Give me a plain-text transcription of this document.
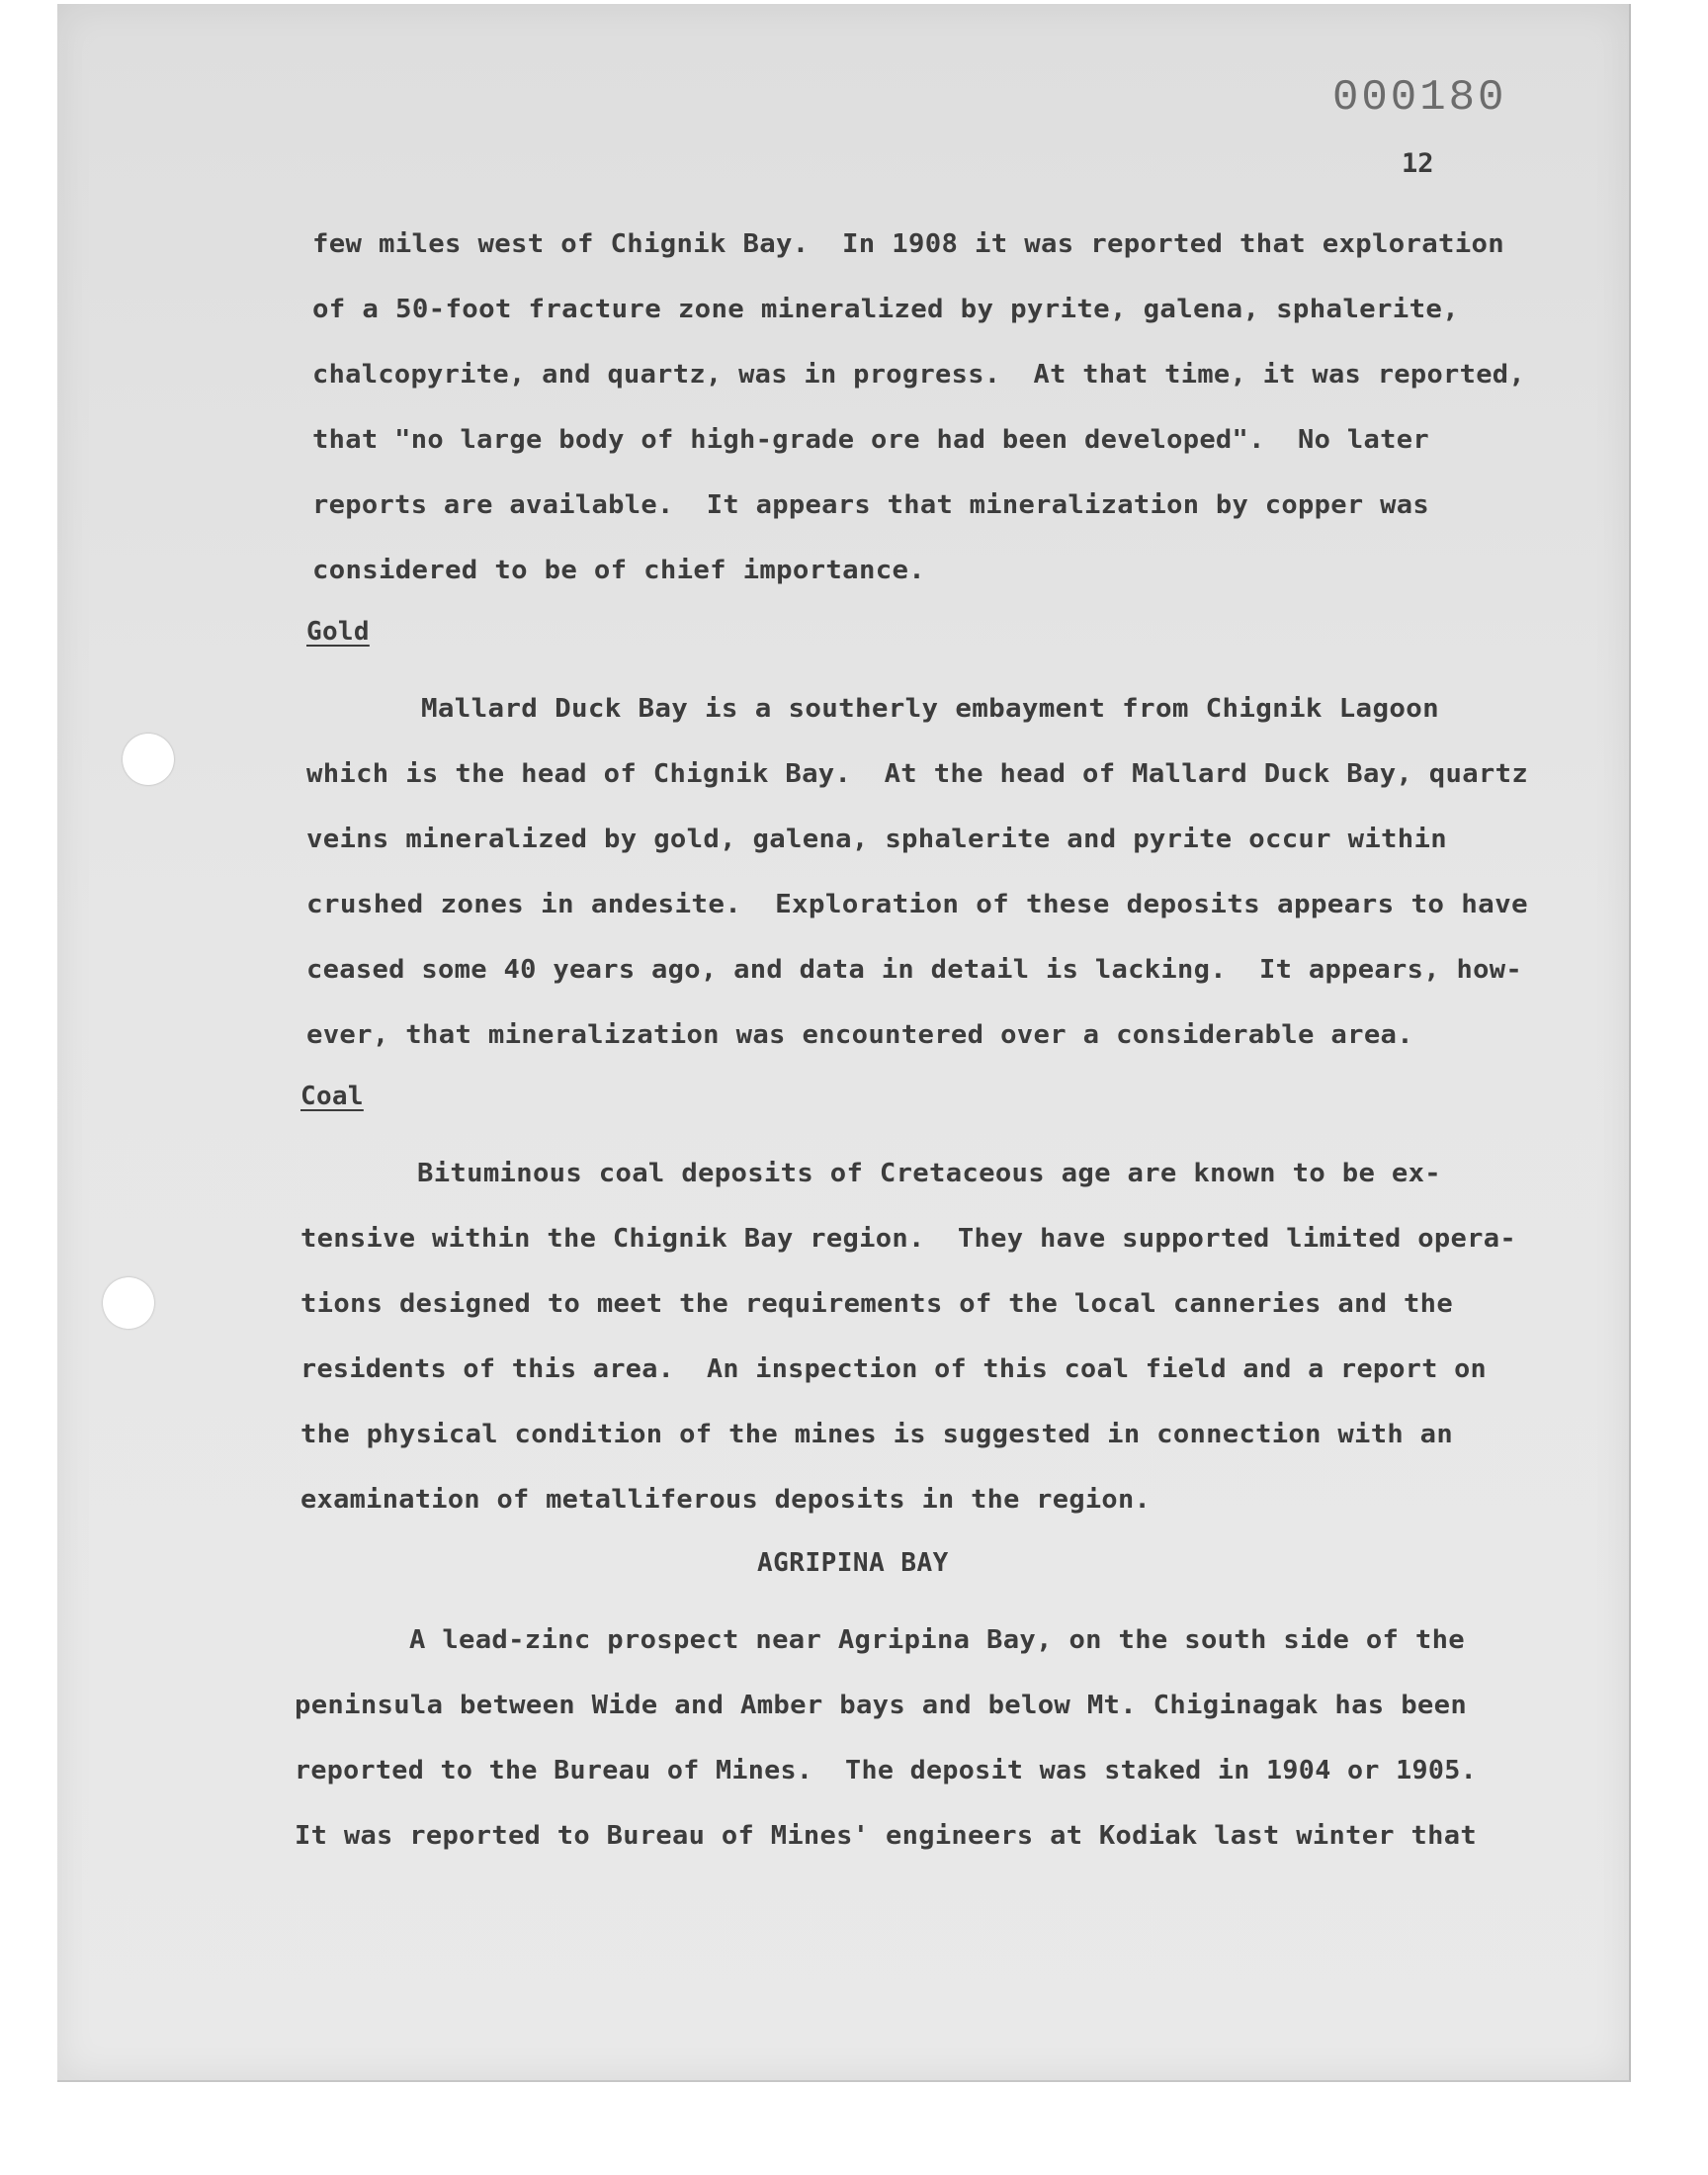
000180
12
few miles west of Chignik Bay.  In 1908 it was reported that exploration
of a 50-foot fracture zone mineralized by pyrite, galena, sphalerite,
chalcopyrite, and quartz, was in progress.  At that time, it was reported,
that "no large body of high-grade ore had been developed".  No later
reports are available.  It appears that mineralization by copper was
considered to be of chief importance.
Gold
Mallard Duck Bay is a southerly embayment from Chignik Lagoon
which is the head of Chignik Bay.  At the head of Mallard Duck Bay, quartz
veins mineralized by gold, galena, sphalerite and pyrite occur within
crushed zones in andesite.  Exploration of these deposits appears to have
ceased some 40 years ago, and data in detail is lacking.  It appears, how-
ever, that mineralization was encountered over a considerable area.
Coal
Bituminous coal deposits of Cretaceous age are known to be ex-
tensive within the Chignik Bay region.  They have supported limited opera-
tions designed to meet the requirements of the local canneries and the
residents of this area.  An inspection of this coal field and a report on
the physical condition of the mines is suggested in connection with an
examination of metalliferous deposits in the region.
AGRIPINA BAY
A lead-zinc prospect near Agripina Bay, on the south side of the
peninsula between Wide and Amber bays and below Mt. Chiginagak has been
reported to the Bureau of Mines.  The deposit was staked in 1904 or 1905.
It was reported to Bureau of Mines' engineers at Kodiak last winter that
